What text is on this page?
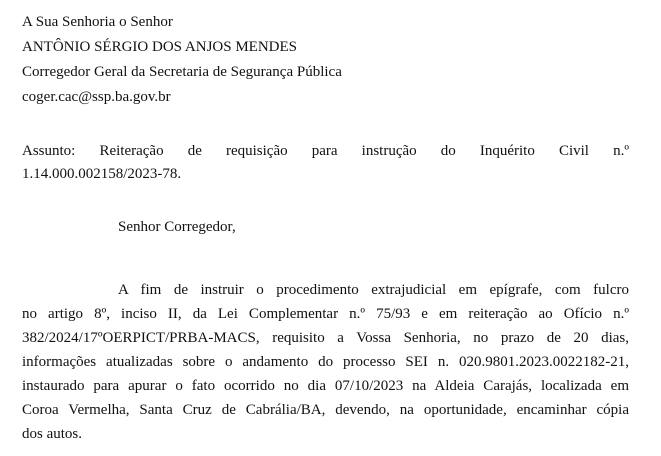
A Sua Senhoria o Senhor
ANTÔNIO SÉRGIO DOS ANJOS MENDES
Corregedor Geral da Secretaria de Segurança Pública
coger.cac@ssp.ba.gov.br
Assunto: Reiteração de requisição para instrução do Inquérito Civil n.º
1.14.000.002158/2023-78.
Senhor Corregedor,
A fim de instruir o procedimento extrajudicial em epígrafe, com fulcro
no artigo 8º, inciso II, da Lei Complementar n.º 75/93 e em reiteração ao Ofício n.º
382/2024/17ºOERPICT/PRBA-MACS, requisito a Vossa Senhoria, no prazo de 20 dias,
informações atualizadas sobre o andamento do processo SEI n. 020.9801.2023.0022182-21,
instaurado para apurar o fato ocorrido no dia 07/10/2023 na Aldeia Carajás, localizada em
Coroa Vermelha, Santa Cruz de Cabrália/BA, devendo, na oportunidade, encaminhar cópia
dos autos.
